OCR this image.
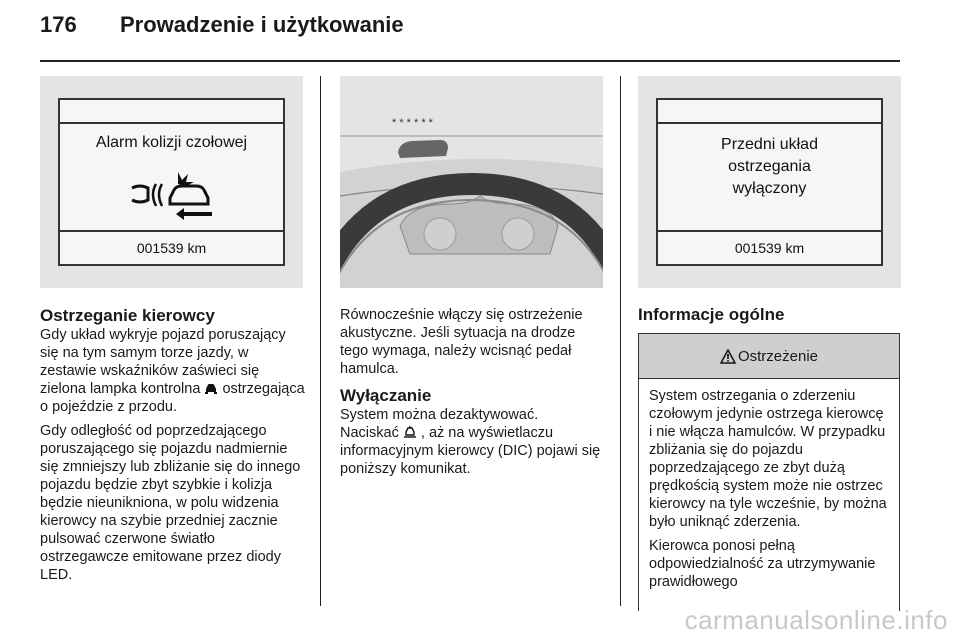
176 Prowadzenie i użytkowanie
Alarm kolizji czołowej
001539 km
Ostrzeganie kierowcy

Gdy układ wykryje pojazd poruszający się na tym samym torze jazdy, w zestawie wskaźników zaświeci się zielona lampka kontrolna ostrzegająca o pojeździe z przodu.

Gdy odległość od poprzedzającego poruszającego się pojazdu nadmiernie się zmniejszy lub zbliżanie się do innego pojazdu będzie zbyt szybkie i kolizja będzie nieunikniona, w polu widzenia kierowcy na szybie przedniej zacznie pulsować czerwone światło ostrzegawcze emitowane przez diody LED.

* * * * * *

Równocześnie włączy się ostrzeżenie akustyczne. Jeśli sytuacja na drodze tego wymaga, należy wcisnąć pedał hamulca.

Wyłączanie

System można dezaktywować.

Naciskać , aż na wyświetlaczu informacyjnym kierowcy (DIC) pojawi się poniższy komunikat.

Przedni układ
ostrzegania
wyłączony
001539 km
Informacje ogólne
Ostrzeżenie

System ostrzegania o zderzeniu czołowym jedynie ostrzega kierowcę i nie włącza hamulców. W przypadku zbliżania się do pojazdu poprzedzającego ze zbyt dużą prędkością system może nie ostrzec kierowcy na tyle wcześnie, by można było uniknąć zderzenia.

Kierowca ponosi pełną odpowiedzialność za utrzymywanie prawidłowego

carmanualsonline.info
